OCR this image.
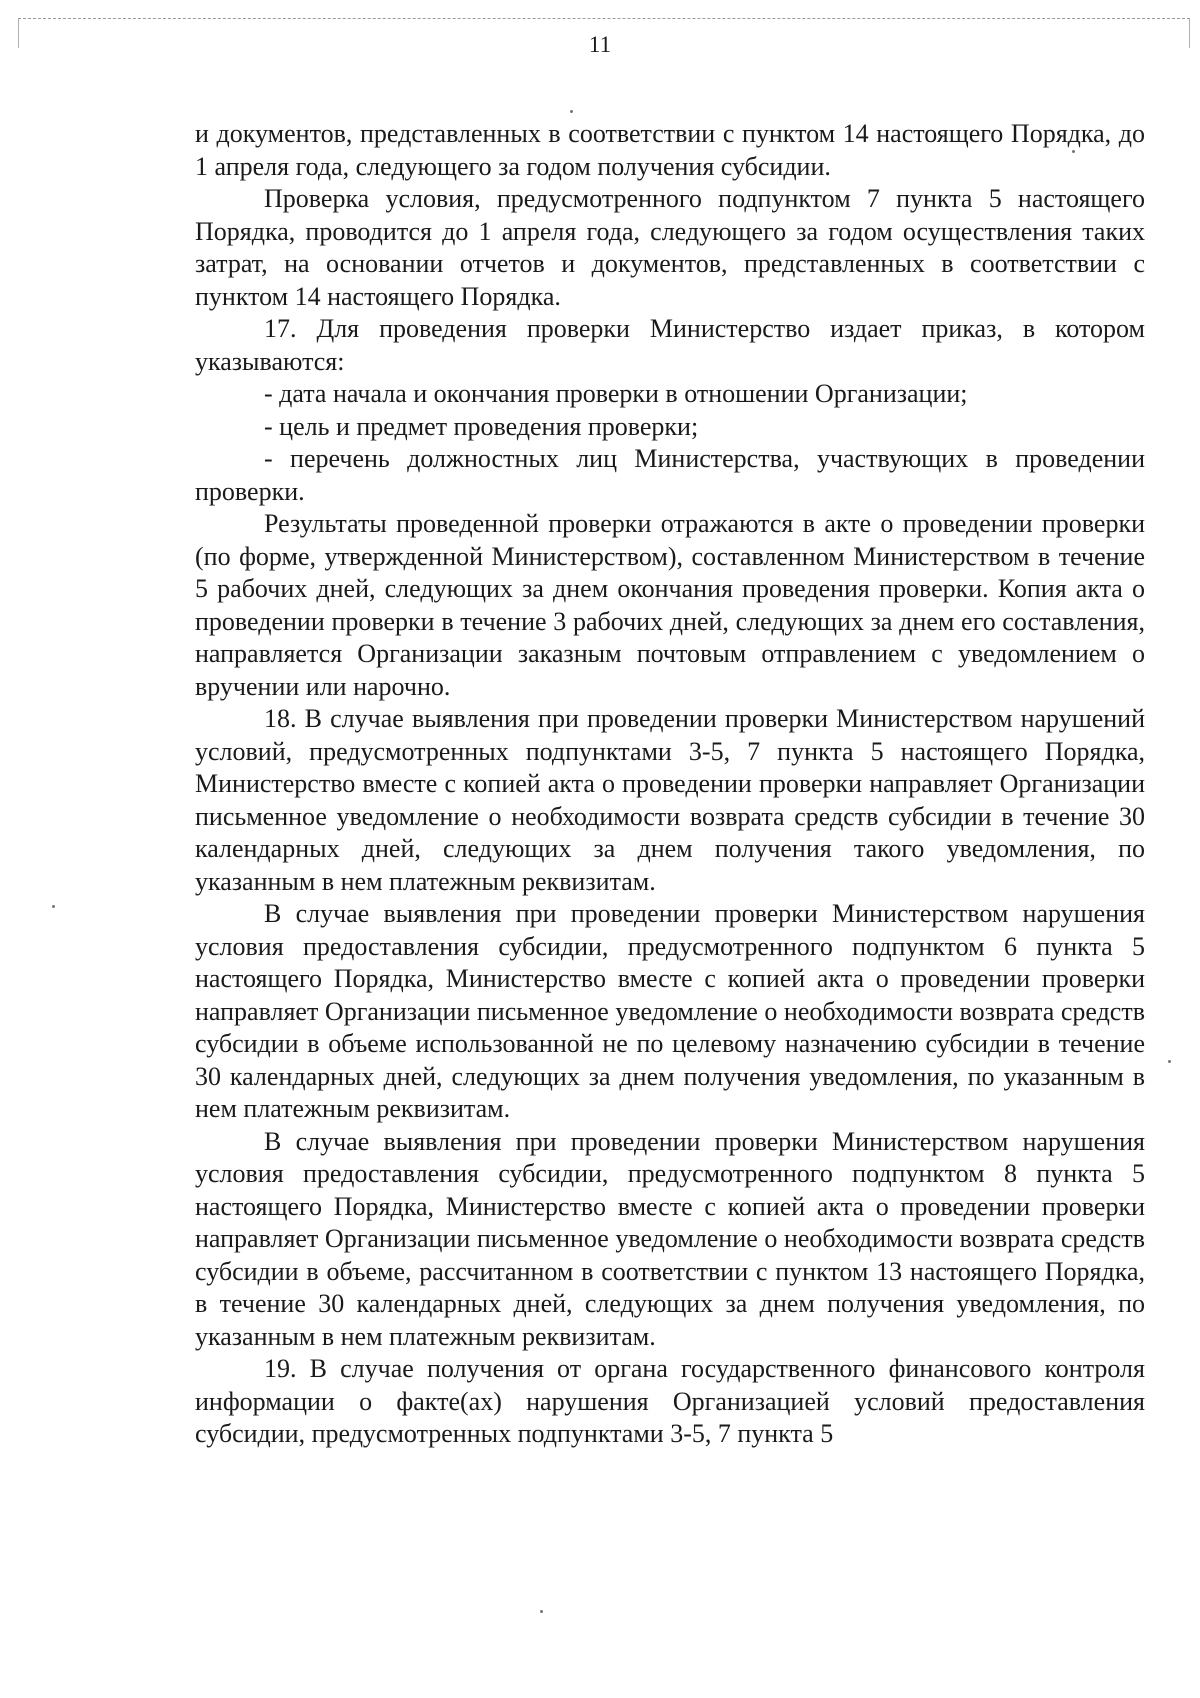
11

и документов, представленных в соответствии с пунктом 14 настоящего Порядка, до 1 апреля года, следующего за годом получения субсидии.

Проверка условия, предусмотренного подпунктом 7 пункта 5 настоящего Порядка, проводится до 1 апреля года, следующего за годом осуществления таких затрат, на основании отчетов и документов, представленных в соответствии с пунктом 14 настоящего Порядка.

17. Для проведения проверки Министерство издает приказ, в котором указываются:

- дата начала и окончания проверки в отношении Организации;

- цель и предмет проведения проверки;

- перечень должностных лиц Министерства, участвующих в проведении проверки.

Результаты проведенной проверки отражаются в акте о проведении проверки (по форме, утвержденной Министерством), составленном Министерством в течение 5 рабочих дней, следующих за днем окончания проведения проверки. Копия акта о проведении проверки в течение 3 рабочих дней, следующих за днем его составления, направляется Организации заказным почтовым отправлением с уведомлением о вручении или нарочно.

18. В случае выявления при проведении проверки Министерством нарушений условий, предусмотренных подпунктами 3-5, 7 пункта 5 настоящего Порядка, Министерство вместе с копией акта о проведении проверки направляет Организации письменное уведомление о необходимости возврата средств субсидии в течение 30 календарных дней, следующих за днем получения такого уведомления, по указанным в нем платежным реквизитам.

В случае выявления при проведении проверки Министерством нарушения условия предоставления субсидии, предусмотренного подпунктом 6 пункта 5 настоящего Порядка, Министерство вместе с копией акта о проведении проверки направляет Организации письменное уведомление о необходимости возврата средств субсидии в объеме использованной не по целевому назначению субсидии в течение 30 календарных дней, следующих за днем получения уведомления, по указанным в нем платежным реквизитам.

В случае выявления при проведении проверки Министерством нарушения условия предоставления субсидии, предусмотренного подпунктом 8 пункта 5 настоящего Порядка, Министерство вместе с копией акта о проведении проверки направляет Организации письменное уведомление о необходимости возврата средств субсидии в объеме, рассчитанном в соответствии с пунктом 13 настоящего Порядка, в течение 30 календарных дней, следующих за днем получения уведомления, по указанным в нем платежным реквизитам.

19. В случае получения от органа государственного финансового контроля информации о факте(ах) нарушения Организацией условий предоставления субсидии, предусмотренных подпунктами 3-5, 7 пункта 5
